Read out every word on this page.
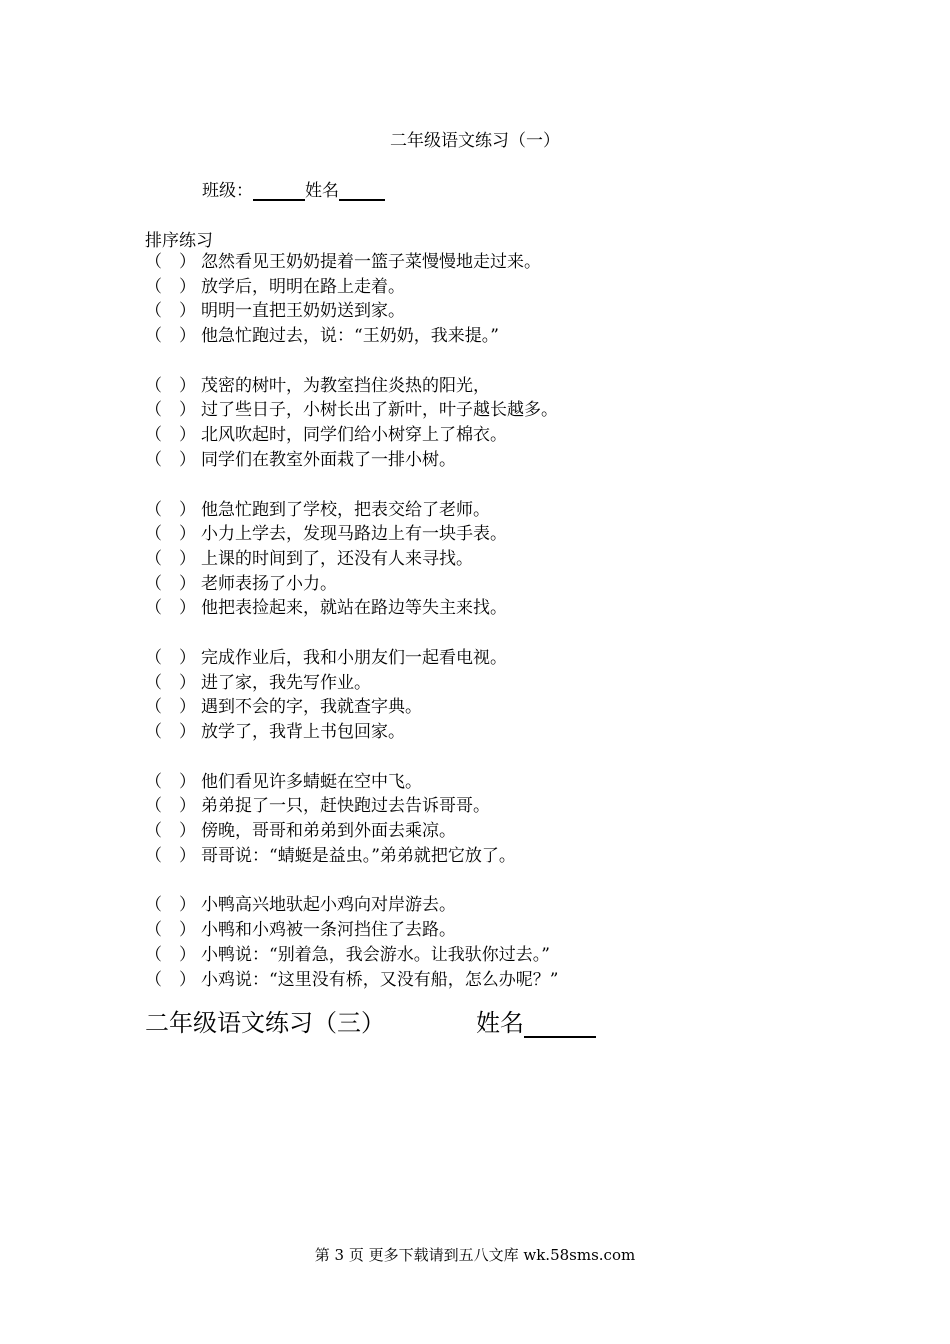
二年级语文练习（一）
班级：	姓名
排序练习
（	） 忽然看见王奶奶提着一篮子菜慢慢地走过来。
（	） 放学后，明明在路上走着。
（	） 明明一直把王奶奶送到家。
（	） 他急忙跑过去，说：“王奶奶，我来提。”
（	） 茂密的树叶，为教室挡住炎热的阳光，
（	） 过了些日子，小树长出了新叶，叶子越长越多。
（	） 北风吹起时，同学们给小树穿上了棉衣。
（	） 同学们在教室外面栽了一排小树。
（	） 他急忙跑到了学校，把表交给了老师。
（	） 小力上学去，发现马路边上有一块手表。
（	） 上课的时间到了，还没有人来寻找。
（	） 老师表扬了小力。
（	） 他把表捡起来，就站在路边等失主来找。
（	） 完成作业后，我和小朋友们一起看电视。
（	） 进了家，我先写作业。
（	） 遇到不会的字，我就查字典。
（	） 放学了，我背上书包回家。
（	） 他们看见许多蜻蜓在空中飞。
（	） 弟弟捉了一只，赶快跑过去告诉哥哥。
（	） 傍晚，哥哥和弟弟到外面去乘凉。
（	） 哥哥说：“蜻蜓是益虫。”弟弟就把它放了。
（	） 小鸭高兴地驮起小鸡向对岸游去。
（	） 小鸭和小鸡被一条河挡住了去路。
（	） 小鸭说：“别着急，我会游水。让我驮你过去。”
（	） 小鸡说：“这里没有桥，又没有船，怎么办呢？”
二年级语文练习（三）	姓名
第 3 页 更多下载请到五八文库 wk.58sms.com
